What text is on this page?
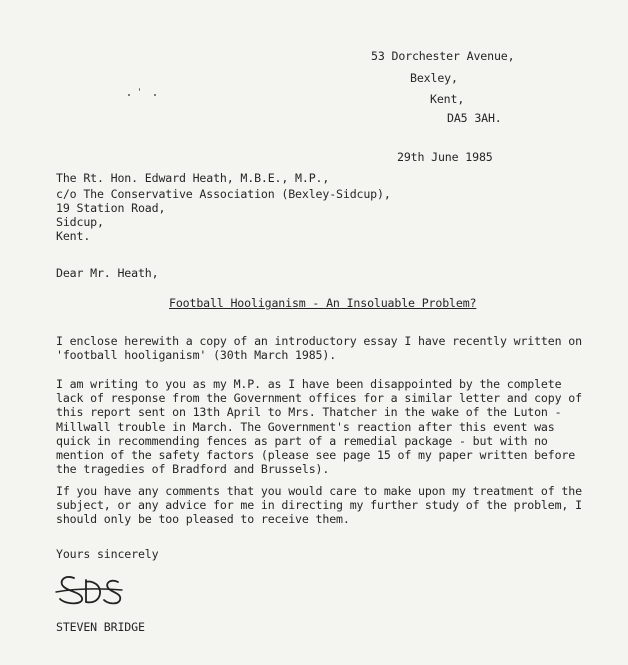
53 Dorchester Avenue,
Bexley,
Kent,
DA5 3AH.
29th June 1985
The Rt. Hon. Edward Heath, M.B.E., M.P.,
c/o The Conservative Association (Bexley-Sidcup),
19 Station Road,
Sidcup,
Kent.
Dear Mr. Heath,
Football Hooliganism - An Insoluable Problem?
I enclose herewith a copy of an introductory essay I have recently written on 'football hooliganism' (30th March 1985).
I am writing to you as my M.P. as I have been disappointed by the complete lack of response from the Government offices for a similar letter and copy of this report sent on 13th April to Mrs. Thatcher in the wake of the Luton - Millwall trouble in March. The Government's reaction after this event was quick in recommending fences as part of a remedial package - but with no mention of the safety factors (please see page 15 of my paper written before the tragedies of Bradford and Brussels).
If you have any comments that you would care to make upon my treatment of the subject, or any advice for me in directing my further study of the problem, I should only be too pleased to receive them.
Yours sincerely
STEVEN BRIDGE
